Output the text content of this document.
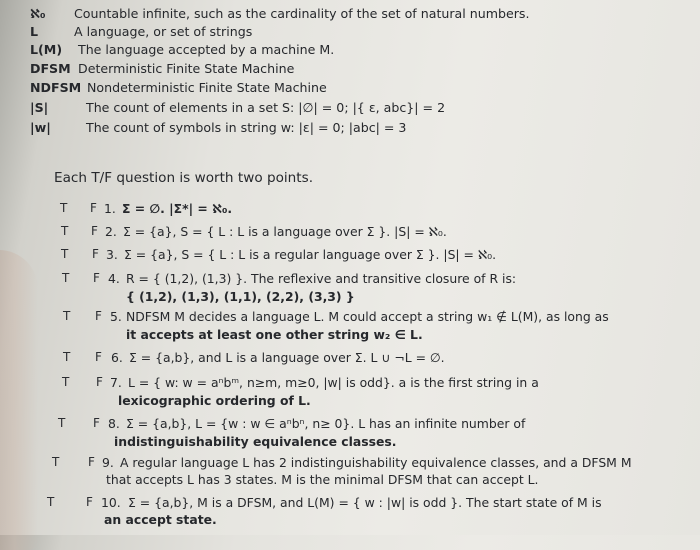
ℵ₀ Countable infinite, such as the cardinality of the set of natural numbers.
L	A language, or set of strings
L(M) The language accepted by a machine M.
DFSM Deterministic Finite State Machine
NDFSM Nondeterministic Finite State Machine
|S|	The count of elements in a set S: |∅| = 0; |{ ε, abc}| = 2
|w|	The count of symbols in string w: |ε| = 0; |abc| = 3
Each T/F question is worth two points.
T F 1. Σ = ∅. |Σ*| = ℵ₀.
T F 2. Σ = {a}, S = { L : L is a language over Σ }. |S| = ℵ₀.
T F 3. Σ = {a}, S = { L : L is a regular language over Σ }. |S| = ℵ₀.
T F 4. R = { (1,2), (1,3) }. The reflexive and transitive closure of R is:
{ (1,2), (1,3), (1,1), (2,2), (3,3) }
T F 5. NDFSM M decides a language L. M could accept a string w₁ ∉ L(M), as long as
it accepts at least one other string w₂ ∈ L.
T F 6. Σ = {a,b}, and L is a language over Σ. L ∪ ¬L = ∅.
T F 7. L = { w: w = aⁿbᵐ, n≥m, m≥0, |w| is odd}. a is the first string in a
lexicographic ordering of L.
T F 8. Σ = {a,b}, L = {w : w ∈ aⁿbⁿ, n≥ 0}. L has an infinite number of
indistinguishability equivalence classes.
T F 9. A regular language L has 2 indistinguishability equivalence classes, and a DFSM M
that accepts L has 3 states. M is the minimal DFSM that can accept L.
T	F 10. Σ = {a,b}, M is a DFSM, and L(M) = { w : |w| is odd }. The start state of M is
an accept state.
